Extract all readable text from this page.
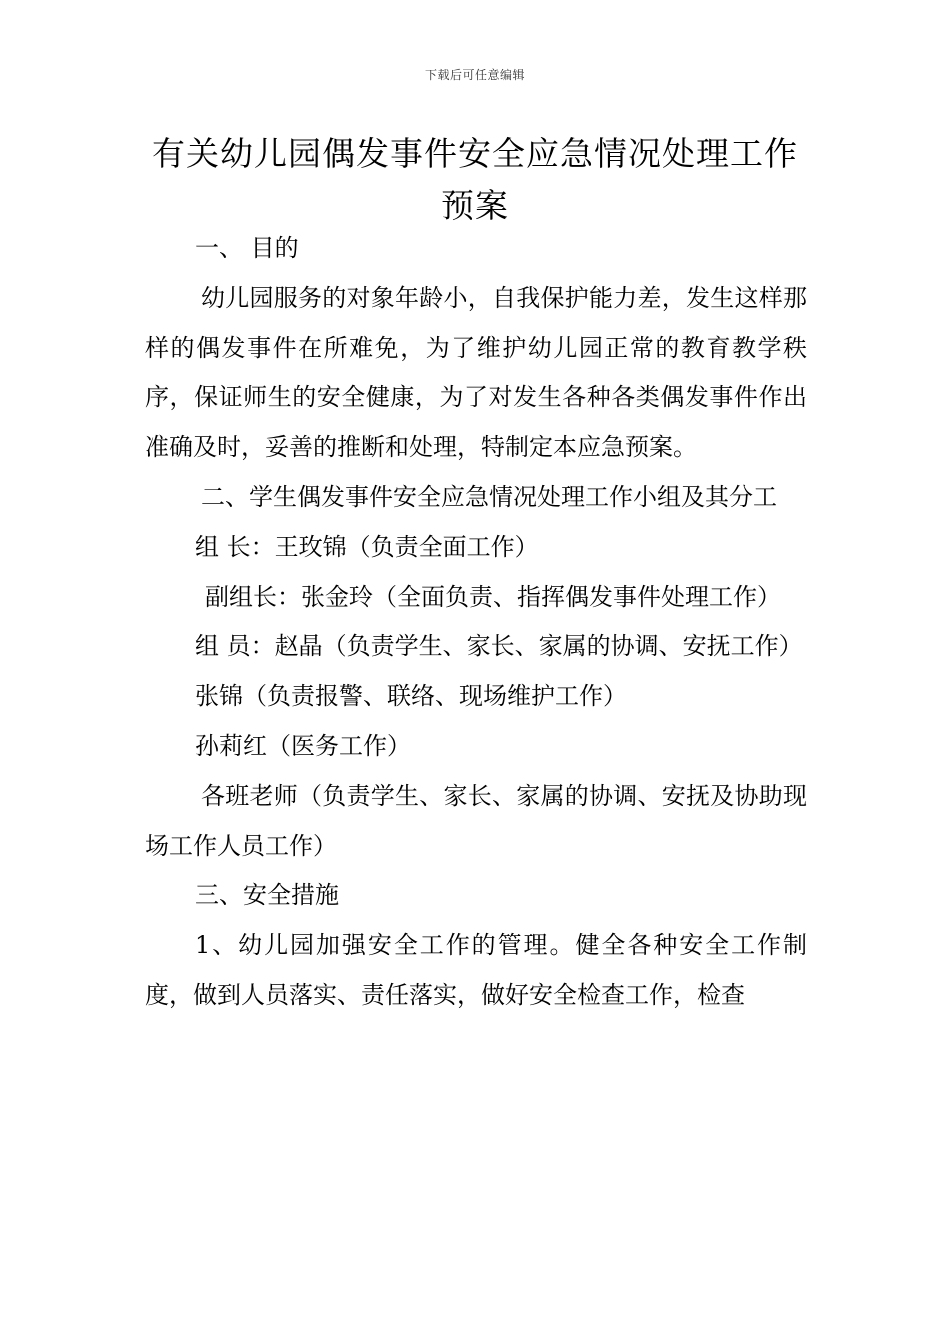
下载后可任意编辑
有关幼儿园偶发事件安全应急情况处理工作预案

一、 目的

幼儿园服务的对象年龄小，自我保护能力差，发生这样那样的偶发事件在所难免，为了维护幼儿园正常的教育教学秩序，保证师生的安全健康，为了对发生各种各类偶发事件作出准确及时，妥善的推断和处理，特制定本应急预案。

二、学生偶发事件安全应急情况处理工作小组及其分工

组 长：王玫锦（负责全面工作）

副组长：张金玲（全面负责、指挥偶发事件处理工作）

组 员：赵晶（负责学生、家长、家属的协调、安抚工作）

张锦（负责报警、联络、现场维护工作）

孙莉红（医务工作）

各班老师（负责学生、家长、家属的协调、安抚及协助现场工作人员工作）

三、安全措施

1、幼儿园加强安全工作的管理。健全各种安全工作制度，做到人员落实、责任落实，做好安全检查工作，检查
